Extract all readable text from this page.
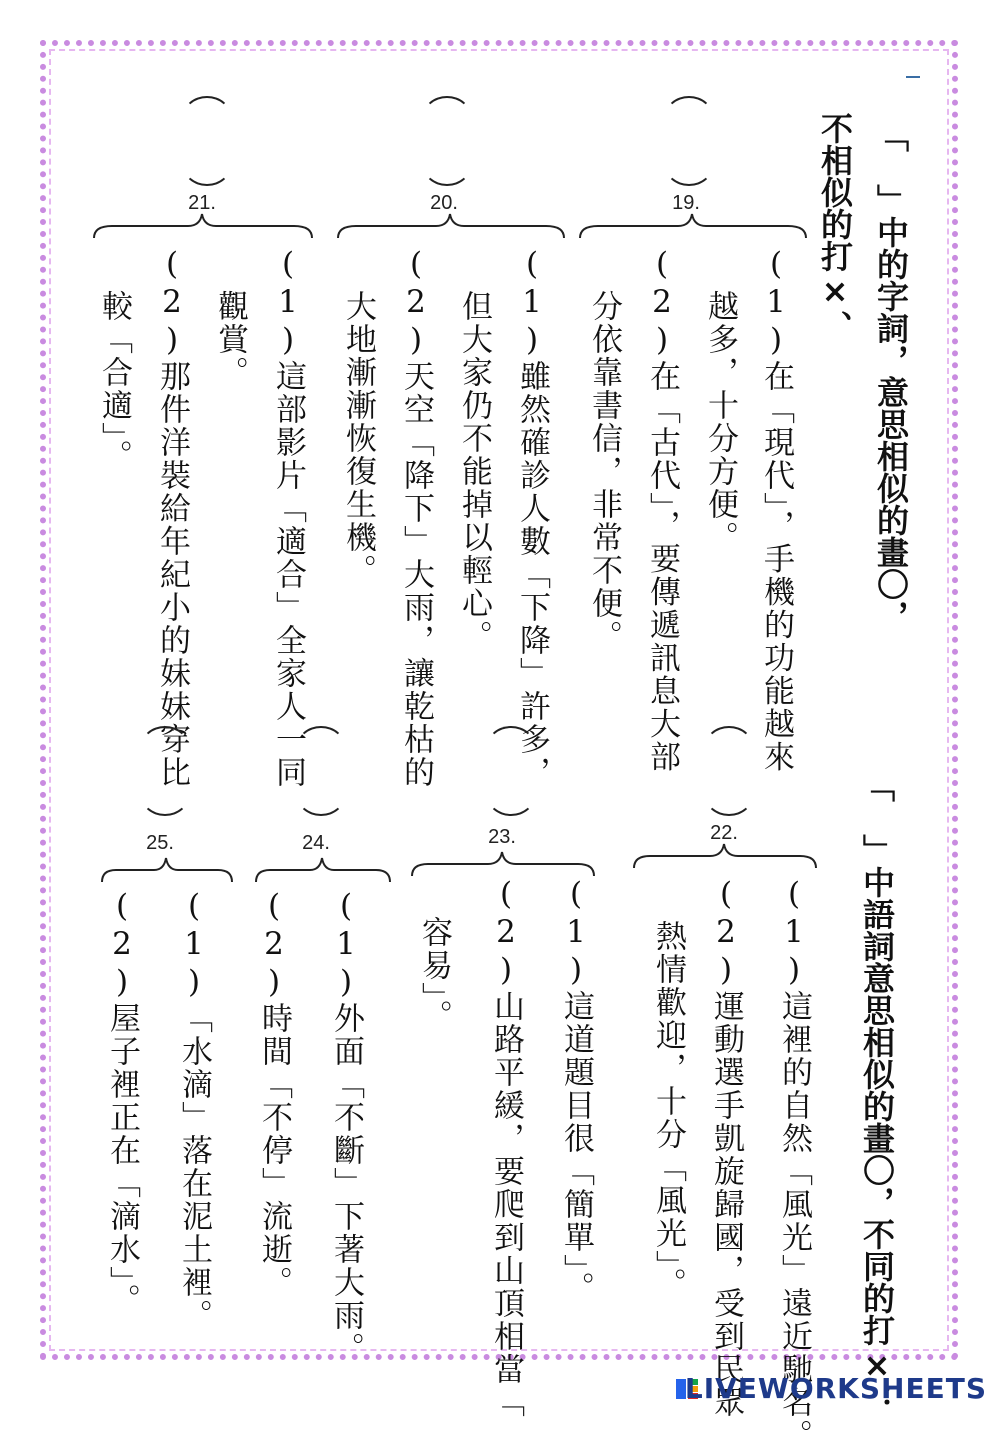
「　」中的字詞，意思相似的畫〇，
不相似的打×、
「　」中語詞意思相似的畫〇，不同的打×：
19.
(1)在「現代」，手機的功能越來
越多，十分方便。
(2)在「古代」，要傳遞訊息大部
分依靠書信，非常不便。
20.
(1)雖然確診人數「下降」許多，
但大家仍不能掉以輕心。
(2)天空「降下」大雨，讓乾枯的
大地漸漸恢復生機。
21.
(1)這部影片「適合」全家人一同
觀賞。
(2)那件洋裝給年紀小的妹妹穿比
較「合適」。
22.
(1)這裡的自然「風光」遠近馳名。
(2)運動選手凱旋歸國，受到民眾
熱情歡迎，十分「風光」。
23.
(1)這道題目很「簡單」。
(2)山路平緩，要爬到山頂相當「
容易」。
24.
(1)外面「不斷」下著大雨。
(2)時間「不停」流逝。
25.
(1)「水滴」落在泥土裡。
(2)屋子裡正在「滴水」。
LIVEWORKSHEETS
